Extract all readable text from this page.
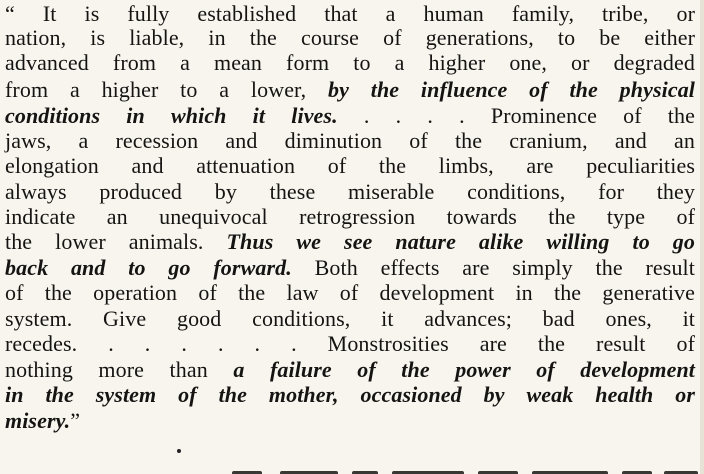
“ It is fully established that a human family, tribe, or
nation, is liable, in the course of generations, to be either
advanced from a mean form to a higher one, or degraded
from a higher to a lower, by the influence of the physical
conditions in which it lives. . . . . Prominence of the
jaws, a recession and diminution of the cranium, and an
elongation and attenuation of the limbs, are peculiarities
always produced by these miserable conditions, for they
indicate an unequivocal retrogression towards the type of
the lower animals. Thus we see nature alike willing to go
back and to go forward. Both effects are simply the result
of the operation of the law of development in the generative
system. Give good conditions, it advances; bad ones, it
recedes. . . . . . . Monstrosities are the result of
nothing more than a failure of the power of development
in the system of the mother, occasioned by weak health or
misery.”
